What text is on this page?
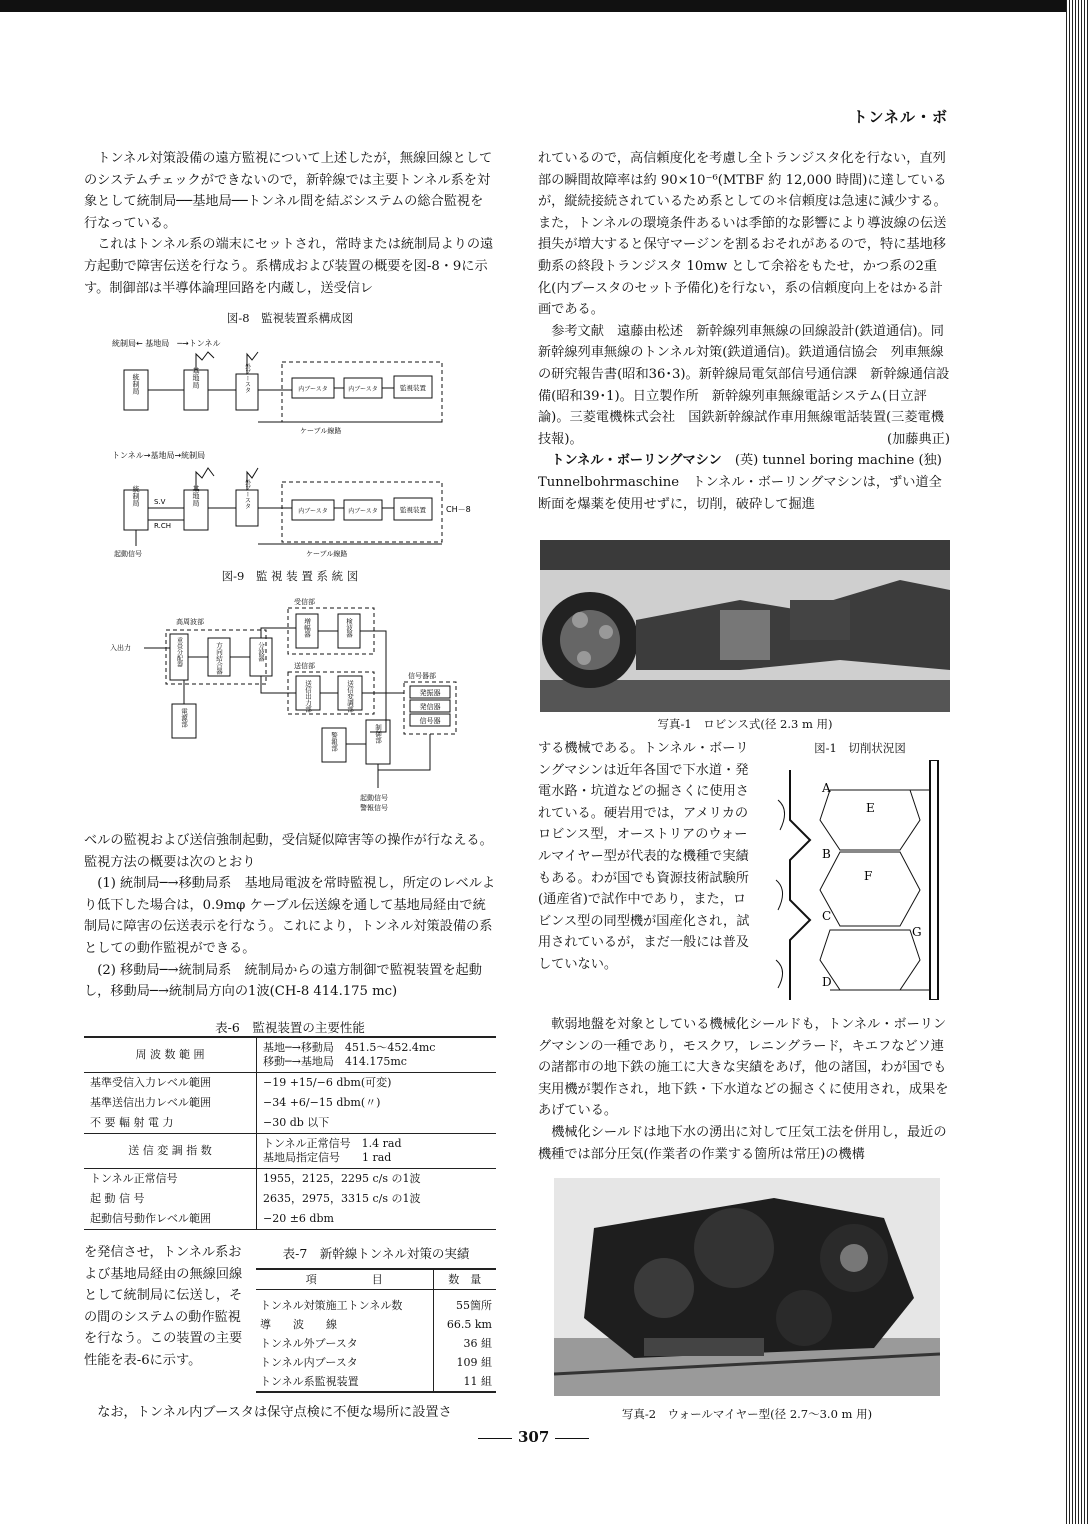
トンネル・ボ

トンネル対策設備の遠方監視について上述したが，無線回線としてのシステムチェックができないので，新幹線では主要トンネル系を対象として統制局──基地局──トンネル間を結ぶシステムの総合監視を行なっている。

これはトンネル系の端末にセットされ，常時または統制局よりの遠方起動で障害伝送を行なう。系構成および装置の概要を図-8・9に示す。制御部は半導体論理回路を内蔵し，送受信レ

図-8　監視装置系構成図
統制局← 基地局　─→トンネル
統制局	基地局	外ブースタ	内ブースタ	内ブースタ	監視装置
ケーブル線路
トンネル→基地局→統制局
統制局	基地局	外ブースタ
内ブースタ	内ブースタ	監視装置
S.V
R.CH
CH－8
起動信号	ケーブル線路
図-9　監 視 装 置 系 統 図
高周波部
入出力	重畳分配器	方向結合器	分波器
受信部
増幅器	検波器
送信部
送信出力部	送信変調部
信号器部
発振器
発信器
信号器
電源部
警報部	制御部
起動信号
警報信号

ベルの監視および送信強制起動，受信疑似障害等の操作が行なえる。監視方法の概要は次のとおり

(1) 統制局─→移動局系　基地局電波を常時監視し，所定のレベルより低下した場合は，0.9mφ ケーブル伝送線を通して基地局経由で統制局に障害の伝送表示を行なう。これにより，トンネル対策設備の系としての動作監視ができる。

(2) 移動局─→統制局系　統制局からの遠方制御で監視装置を起動し，移動局─→統制局方向の1波(CH-8 414.175 mc)

表-6　監視装置の主要性能
周 波 数 範 囲	基地─→移動局　451.5～452.4mc
移動─→基地局　414.175mc

基準受信入力レベル範囲	−19 +15/−6 dbm(可変)
基準送信出力レベル範囲	−34 +6/−15 dbm(〃)
不 要 輻 射 電 力	−30 db 以下
送 信 変 調 指 数	トンネル正常信号　1.4 rad
基地局指定信号　　1 rad

トンネル正常信号	1955，2125，2295 c/s の1波
起 動 信 号	2635，2975，3315 c/s の1波
起動信号動作レベル範囲	−20 ±6 dbm

を発信させ，トンネル系および基地局経由の無線回線として統制局に伝送し，その間のシステムの動作監視を行なう。この装置の主要性能を表-6に示す。

表-7　新幹線トンネル対策の実績
項　　　　　目	数　量
トンネル対策施工トンネル数	55箇所
導　　波　　線	66.5 km
トンネル外ブースタ	36 組
トンネル内ブースタ	109 組
トンネル系監視装置	11 組

なお，トンネル内ブースタは保守点検に不便な場所に設置さ

れているので，高信頼度化を考慮し全トランジスタ化を行ない，直列部の瞬間故障率は約 90×10⁻⁶(MTBF 約 12,000 時間)に達しているが，縦続接続されているため系としての＊信頼度は急速に減少する。また，トンネルの環境条件あるいは季節的な影響により導波線の伝送損失が増大すると保守マージンを割るおそれがあるので，特に基地移動系の終段トランジスタ 10mw として余裕をもたせ，かつ系の2重化(内ブースタのセット予備化)を行ない，系の信頼度向上をはかる計画である。

参考文献　遠藤由松述　新幹線列車無線の回線設計(鉄道通信)。同　新幹線列車無線のトンネル対策(鉄道通信)。鉄道通信協会　列車無線の研究報告書(昭和36･3)。新幹線局電気部信号通信課　新幹線通信設備(昭和39･1)。日立製作所　新幹線列車無線電話システム(日立評論)。三菱電機株式会社　国鉄新幹線試作車用無線電話装置(三菱電機技報)。	(加藤典正)

トンネル・ボーリングマシン　 (英) tunnel boring machine (独) Tunnelbohrmaschine　トンネル・ボーリングマシンは，ずい道全断面を爆薬を使用せずに，切削，破砕して掘進

写真-1　ロビンス式(径 2.3 m 用)

する機械である。トンネル・ボーリングマシンは近年各国で下水道・発電水路・坑道などの掘さくに使用されている。硬岩用では，アメリカのロビンス型，オーストリアのウォールマイヤー型が代表的な機種で実績もある。わが国でも資源技術試験所(通産省)で試作中であり，また，ロビンス型の同型機が国産化され，試用されているが，まだ一般には普及していない。

図-1　切削状況図
A
B
C
D
E
F
G

軟弱地盤を対象としている機械化シールドも，トンネル・ボーリングマシンの一種であり，モスクワ，レニングラード，キエフなどソ連の諸都市の地下鉄の施工に大きな実績をあげ，他の諸国，わが国でも実用機が製作され，地下鉄・下水道などの掘さくに使用され，成果をあげている。

機械化シールドは地下水の湧出に対して圧気工法を併用し，最近の機種では部分圧気(作業者の作業する箇所は常圧)の機構

写真-2　ウォールマイヤー型(径 2.7～3.0 m 用)
307
